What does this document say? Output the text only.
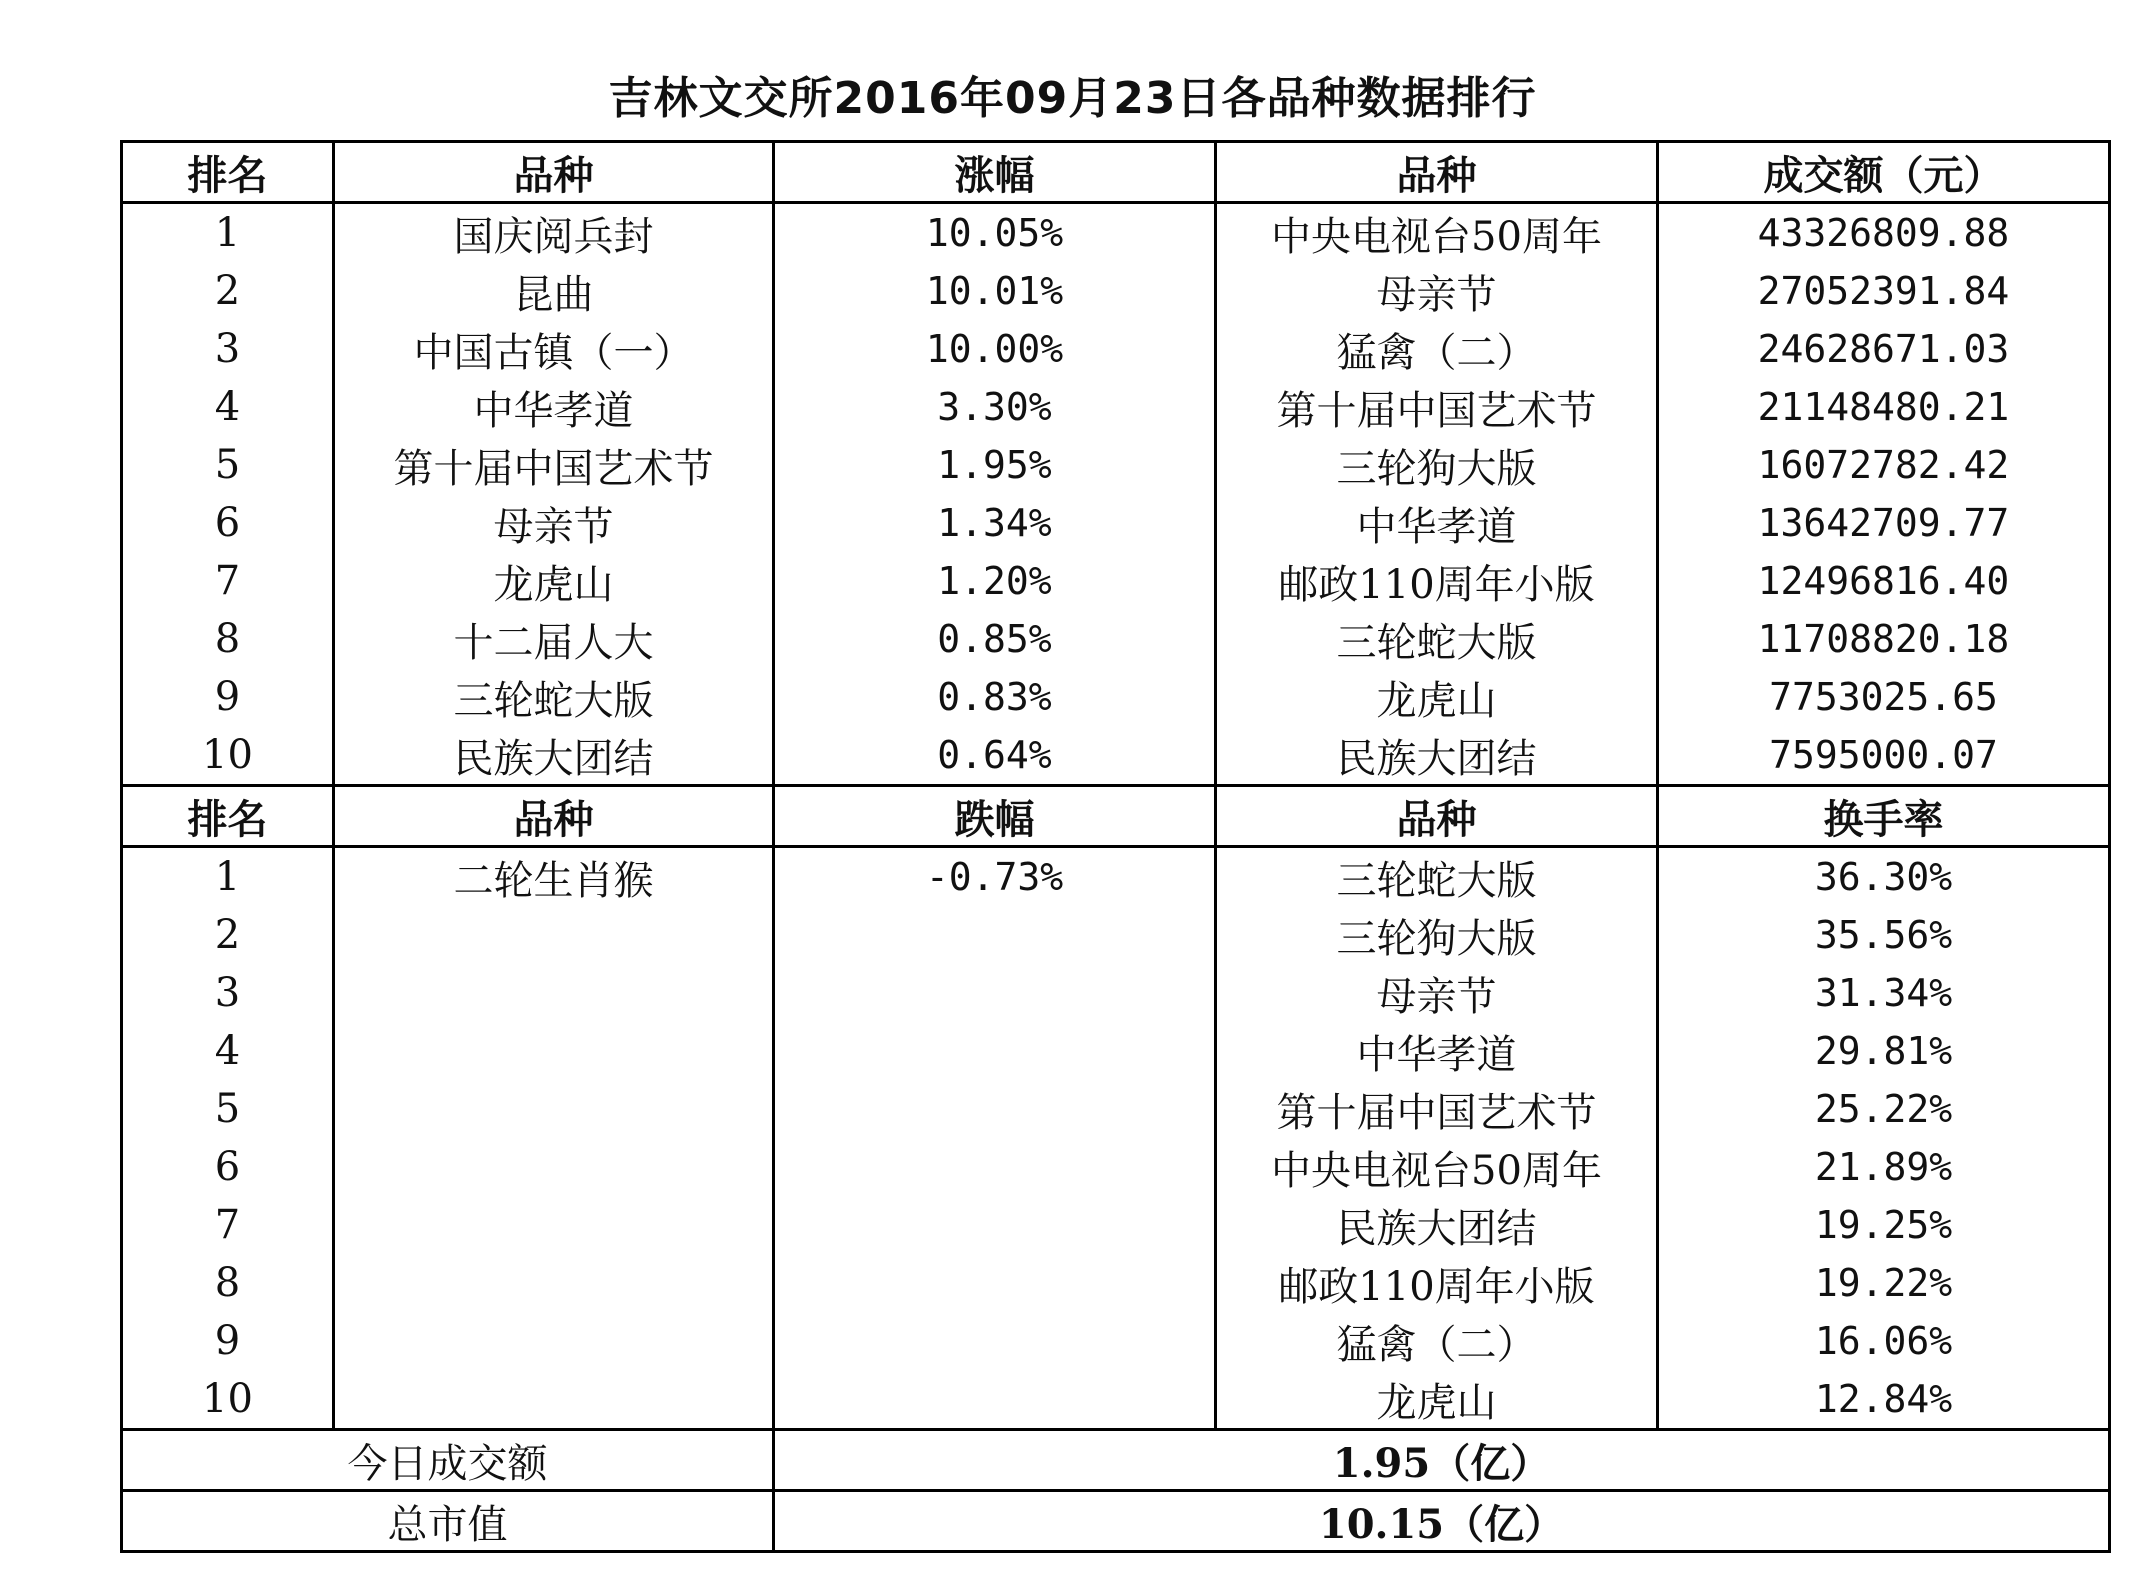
吉林文交所2016年09月23日各品种数据排行
排名	品种	涨幅	品种	成交额（元）
1	国庆阅兵封	10.05%	中央电视台50周年	43326809.88
2	昆曲	10.01%	母亲节	27052391.84
3	中国古镇（一）	10.00%	猛禽（二）	24628671.03
4	中华孝道	3.30%	第十届中国艺术节	21148480.21
5	第十届中国艺术节	1.95%	三轮狗大版	16072782.42
6	母亲节	1.34%	中华孝道	13642709.77
7	龙虎山	1.20%	邮政110周年小版	12496816.40
8	十二届人大	0.85%	三轮蛇大版	11708820.18
9	三轮蛇大版	0.83%	龙虎山	7753025.65
10	民族大团结	0.64%	民族大团结	7595000.07
排名	品种	跌幅	品种	换手率
1	二轮生肖猴	-0.73%	三轮蛇大版	36.30%
2			三轮狗大版	35.56%
3			母亲节	31.34%
4			中华孝道	29.81%
5			第十届中国艺术节	25.22%
6			中央电视台50周年	21.89%
7			民族大团结	19.25%
8			邮政110周年小版	19.22%
9			猛禽（二）	16.06%
10			龙虎山	12.84%
今日成交额		1.95（亿）		
总市值		10.15（亿）		
